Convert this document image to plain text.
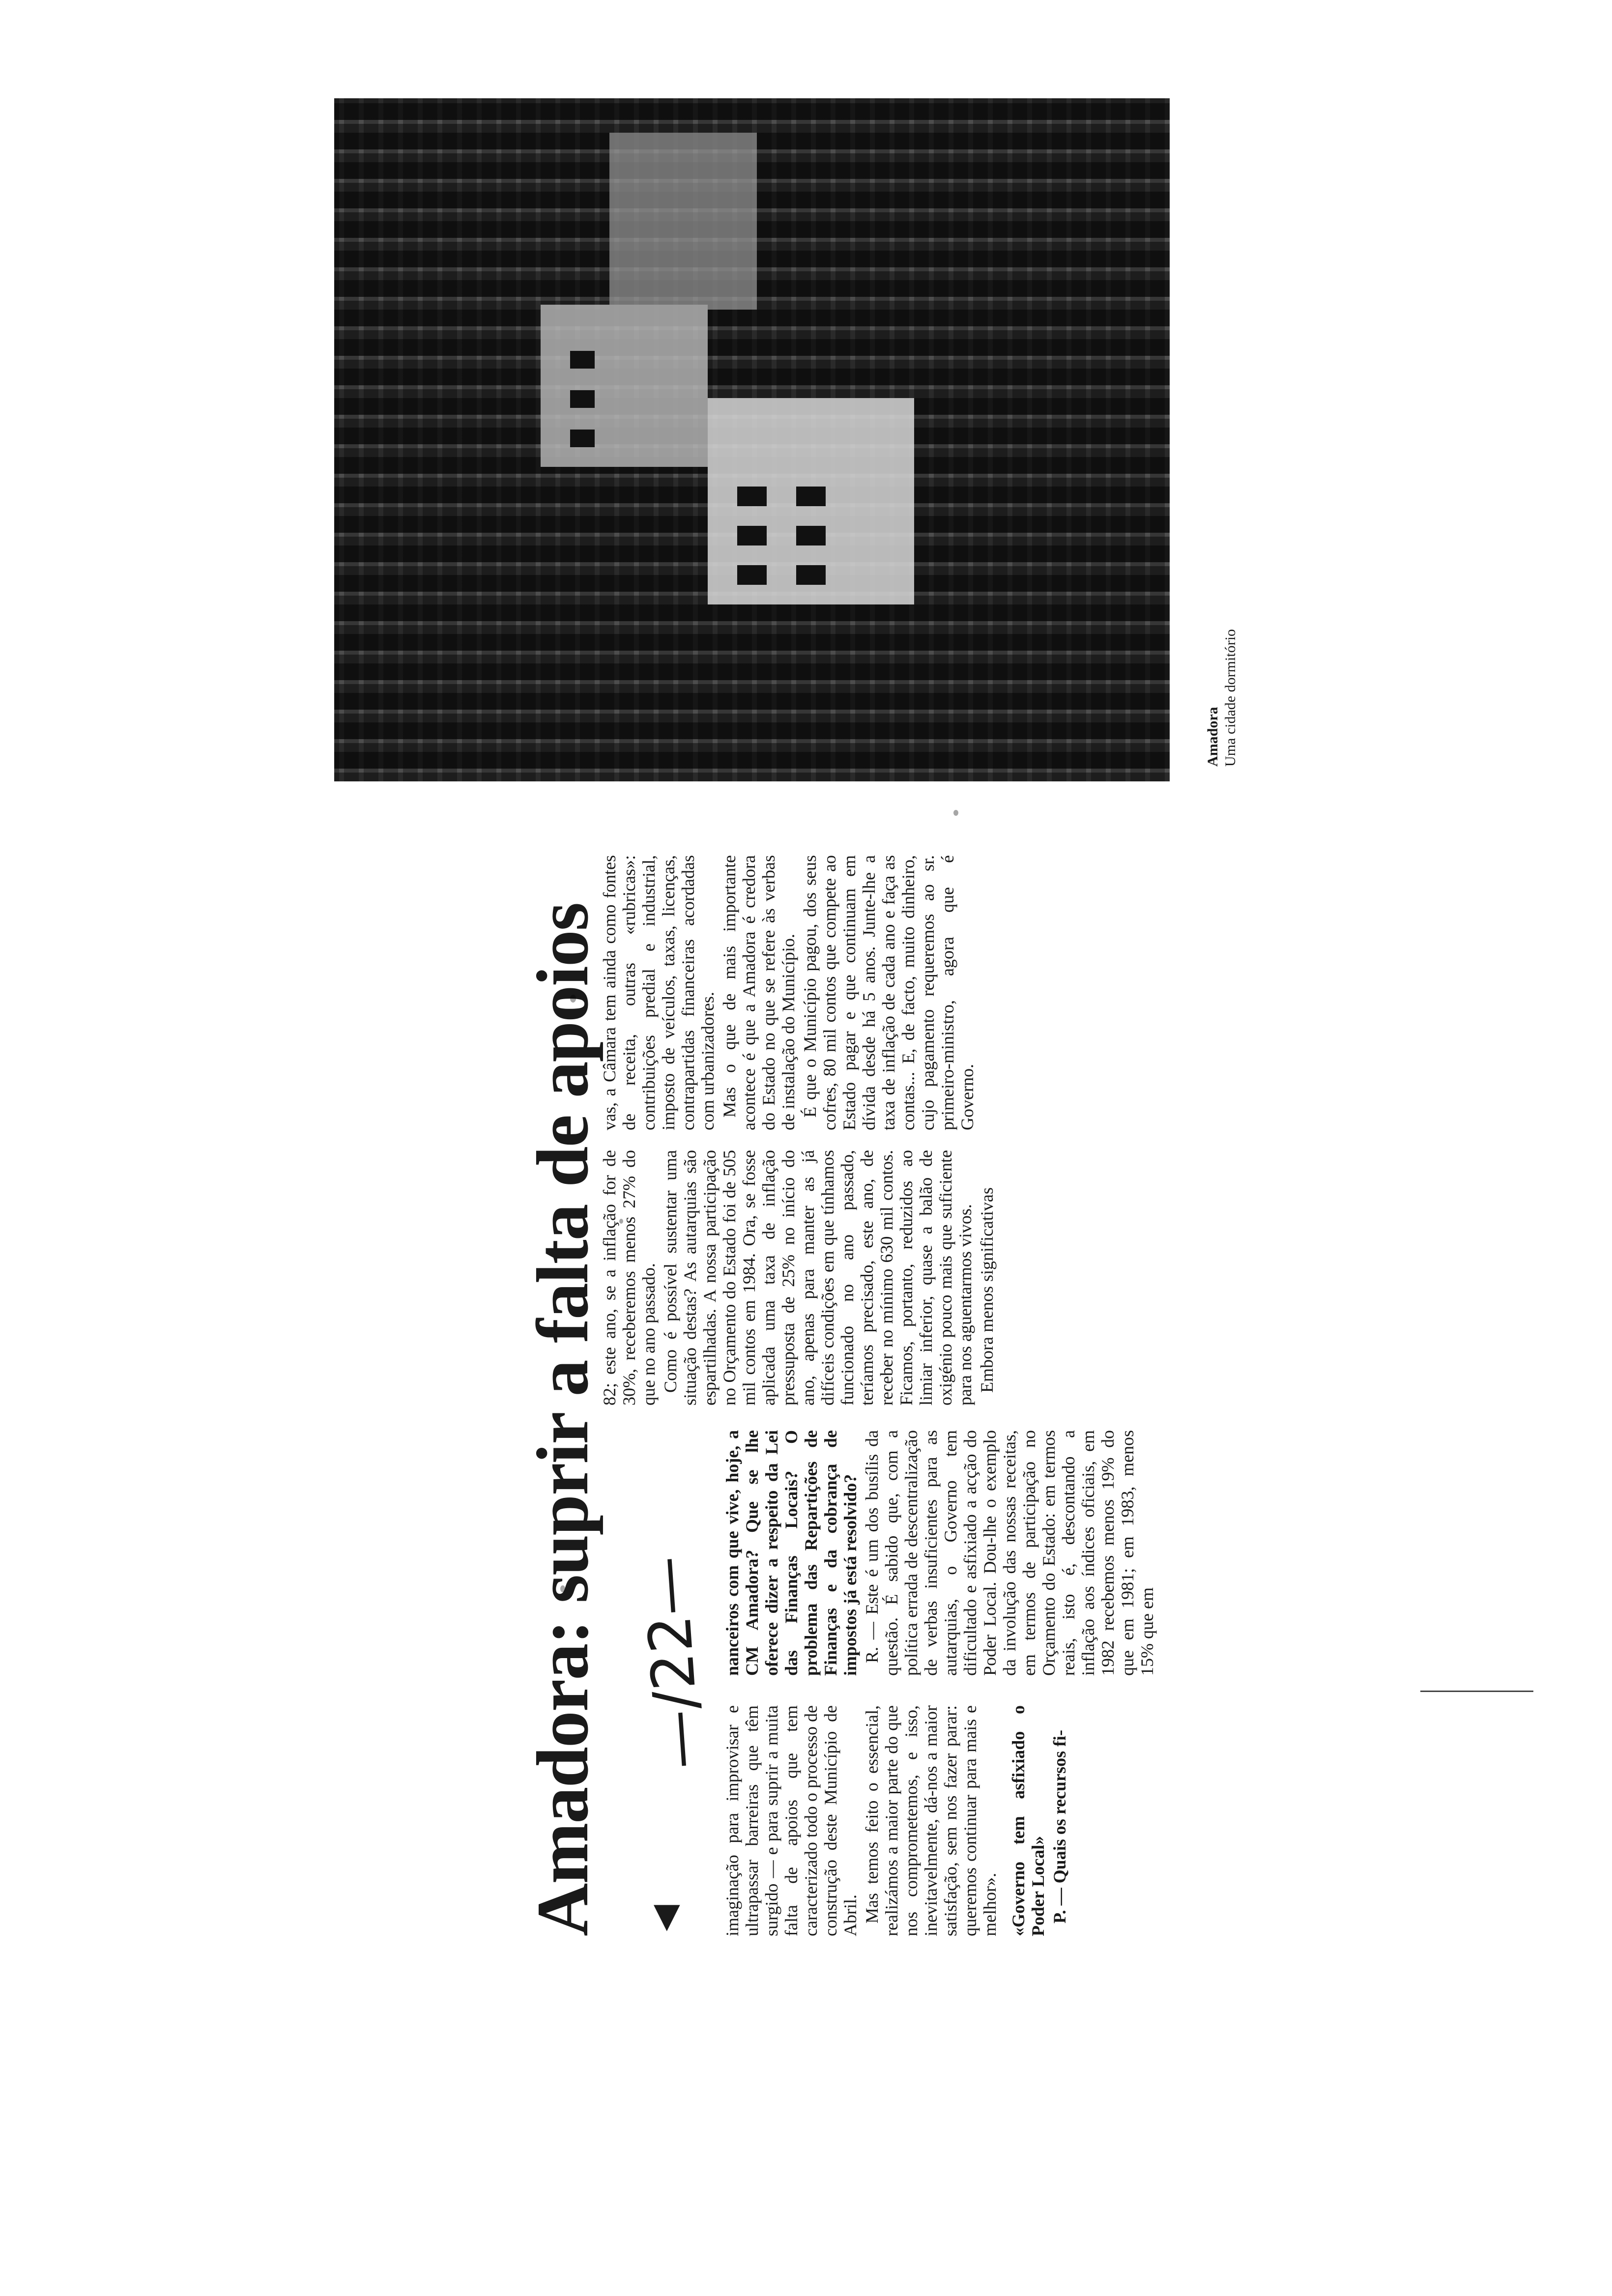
Amadora Uma cidade dormitório
Amadora: suprir a falta de apoios —/22—
◀ imaginação para improvisar e ultrapassar barreiras que têm surgido — e para suprir a muita falta de apoios que tem caracterizado todo o processo de construção deste Município de Abril. Mas temos feito o essencial, realizámos a maior parte do que nos comprometemos, e isso, inevitavelmente, dá-nos a maior satisfação, sem nos fazer parar: queremos continuar para mais e melhor». «Governo tem asfixiado o Poder Local» P. — Quais os recursos fi-

nanceiros com que vive, hoje, a CM Amadora? Que se lhe oferece dizer a respeito da Lei das Finanças Locais? O problema das Repartições de Finanças e da cobrança de impostos já está resolvido? R. — Este é um dos busílis da questão. É sabido que, com a política errada de descentralização de verbas insuficientes para as autarquias, o Governo tem dificultado e asfixiado a acção do Poder Local. Dou-lhe o exemplo da involução das nossas receitas, em termos de participação no Orçamento do Estado: em termos reais, isto é, descontando a inflação aos índices oficiais, em 1982 recebemos menos 19% do que em 1981; em 1983, menos 15% que em

82; este ano, se a inflação for de 30%, receberemos menos 27% do que no ano passado. Como é possível sustentar uma situação destas? As autarquias são espartilhadas. A nossa participação no Orçamento do Estado foi de 505 mil contos em 1984. Ora, se fosse aplicada uma taxa de inflação pressuposta de 25% no início do ano, apenas para manter as já difíceis condições em que tínhamos funcionado no ano passado, teríamos precisado, este ano, de receber no mínimo 630 mil contos. Ficamos, portanto, reduzidos ao limiar inferior, quase a balão de oxigénio pouco mais que suficiente para nos aguentarmos vivos. Embora menos significativas

vas, a Câmara tem ainda como fontes de receita, outras «rubricas»: contribuições predial e industrial, imposto de veículos, taxas, licenças, contrapartidas financeiras acordadas com urbanizadores. Mas o que de mais importante acontece é que a Amadora é credora do Estado no que se refere às verbas de instalação do Município. É que o Município pagou, dos seus cofres, 80 mil contos que compete ao Estado pagar e que continuam em dívida desde há 5 anos. Junte-lhe a taxa de inflação de cada ano e faça as contas... E, de facto, muito dinheiro, cujo pagamento requeremos ao sr. primeiro-ministro, agora que é Governo.
